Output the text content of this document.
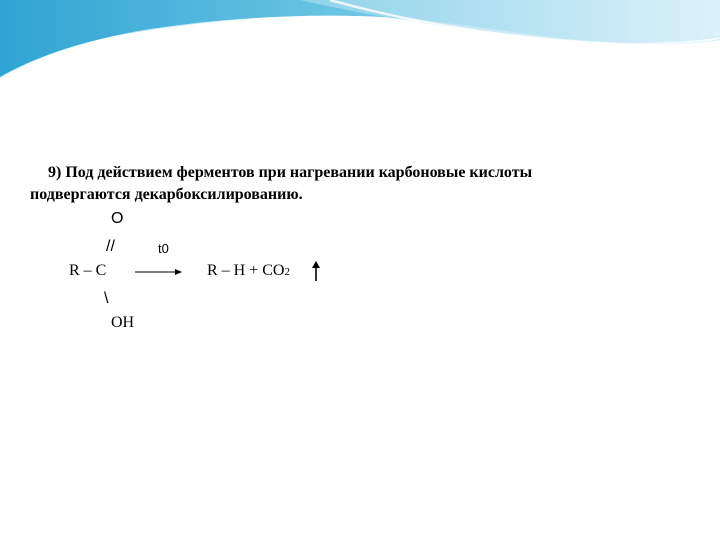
9) Под действием ферментов при нагревании карбоновые кислоты
подвергаются декарбоксилированию.

O
//	t0
R – C → R – H + CO2
\
OH
